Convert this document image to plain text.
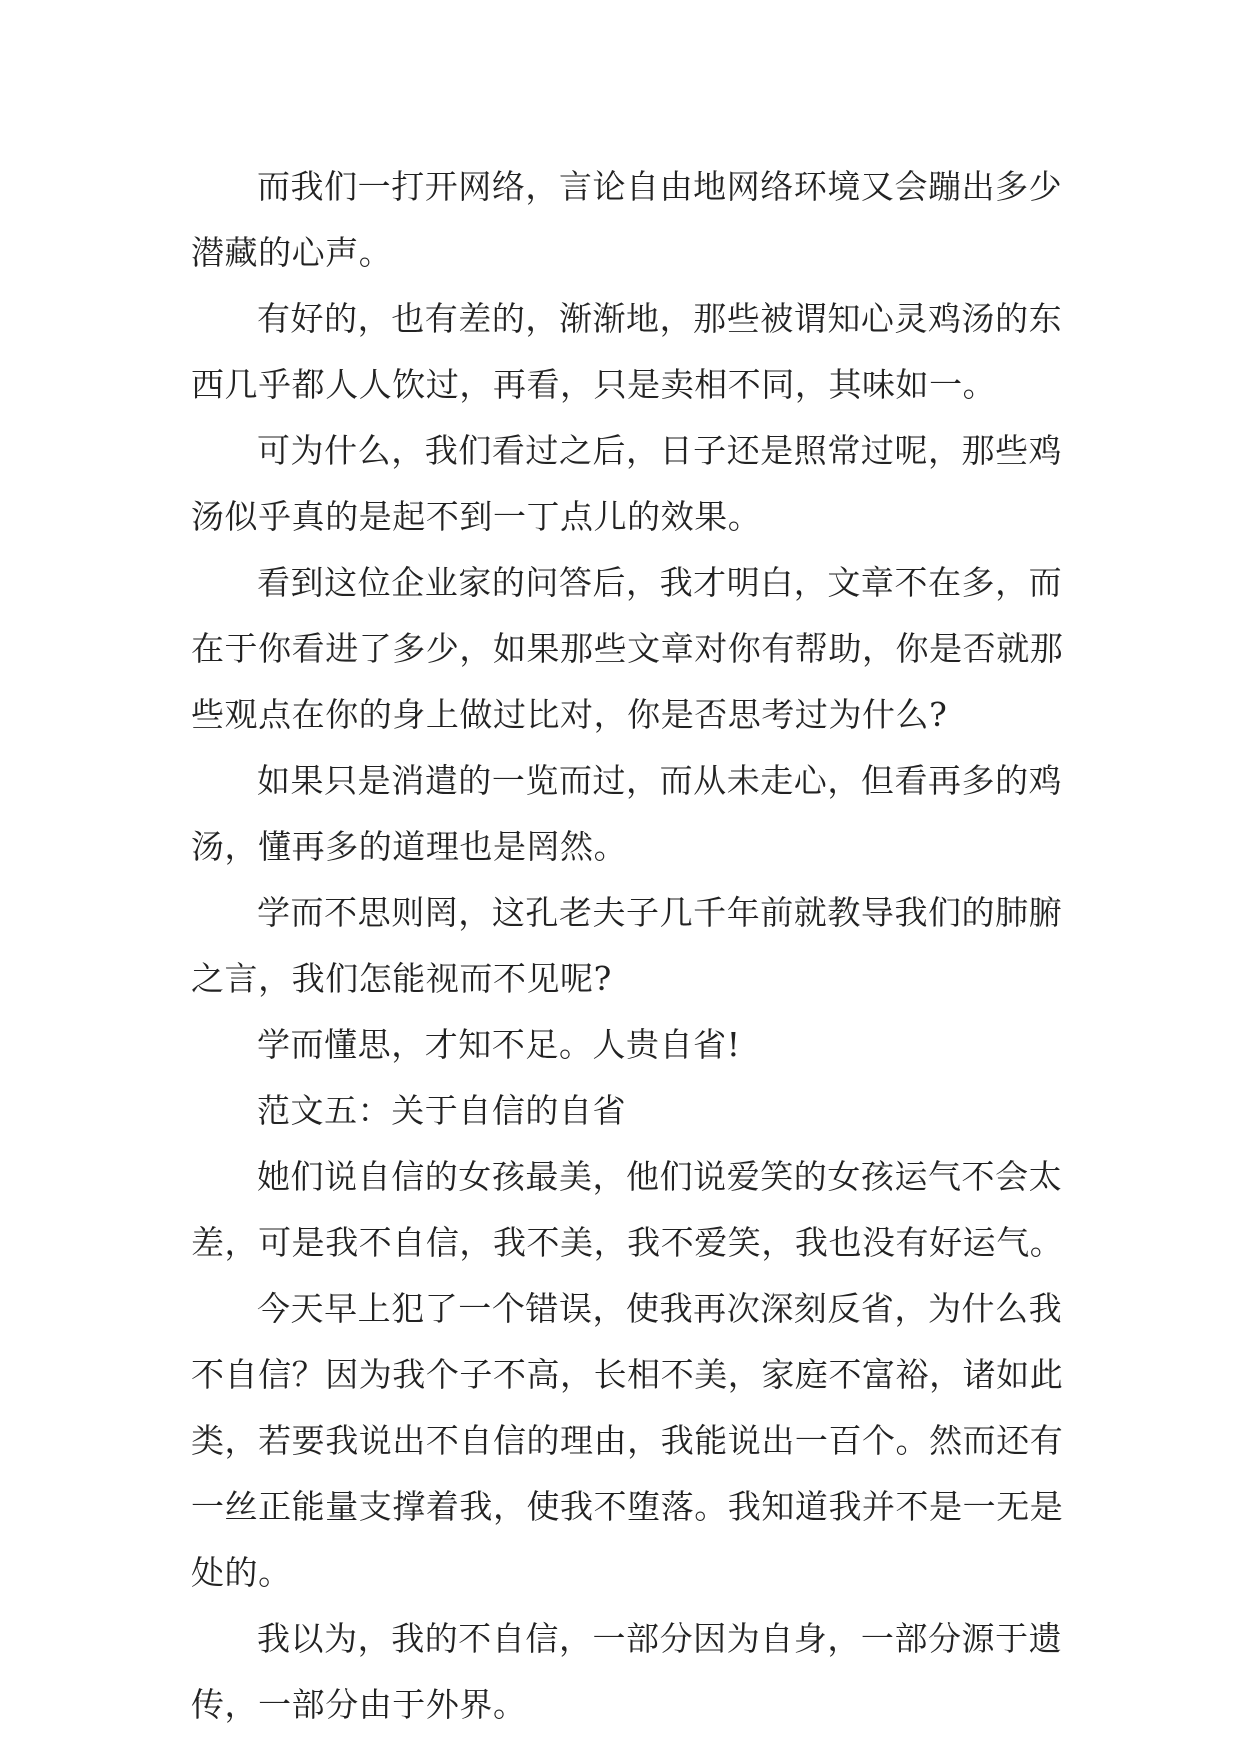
而我们一打开网络，言论自由地网络环境又会蹦出多少潜藏的心声。

有好的，也有差的，渐渐地，那些被谓知心灵鸡汤的东西几乎都人人饮过，再看，只是卖相不同，其味如一。

可为什么，我们看过之后，日子还是照常过呢，那些鸡汤似乎真的是起不到一丁点儿的效果。

看到这位企业家的问答后，我才明白，文章不在多，而在于你看进了多少，如果那些文章对你有帮助，你是否就那些观点在你的身上做过比对，你是否思考过为什么?

如果只是消遣的一览而过，而从未走心，但看再多的鸡汤，懂再多的道理也是罔然。

学而不思则罔，这孔老夫子几千年前就教导我们的肺腑之言，我们怎能视而不见呢?

学而懂思，才知不足。人贵自省!

范文五：关于自信的自省

她们说自信的女孩最美，他们说爱笑的女孩运气不会太差，可是我不自信，我不美，我不爱笑，我也没有好运气。

今天早上犯了一个错误，使我再次深刻反省，为什么我不自信？因为我个子不高，长相不美，家庭不富裕，诸如此类，若要我说出不自信的理由，我能说出一百个。然而还有一丝正能量支撑着我，使我不堕落。我知道我并不是一无是处的。

我以为，我的不自信，一部分因为自身，一部分源于遗传，一部分由于外界。
